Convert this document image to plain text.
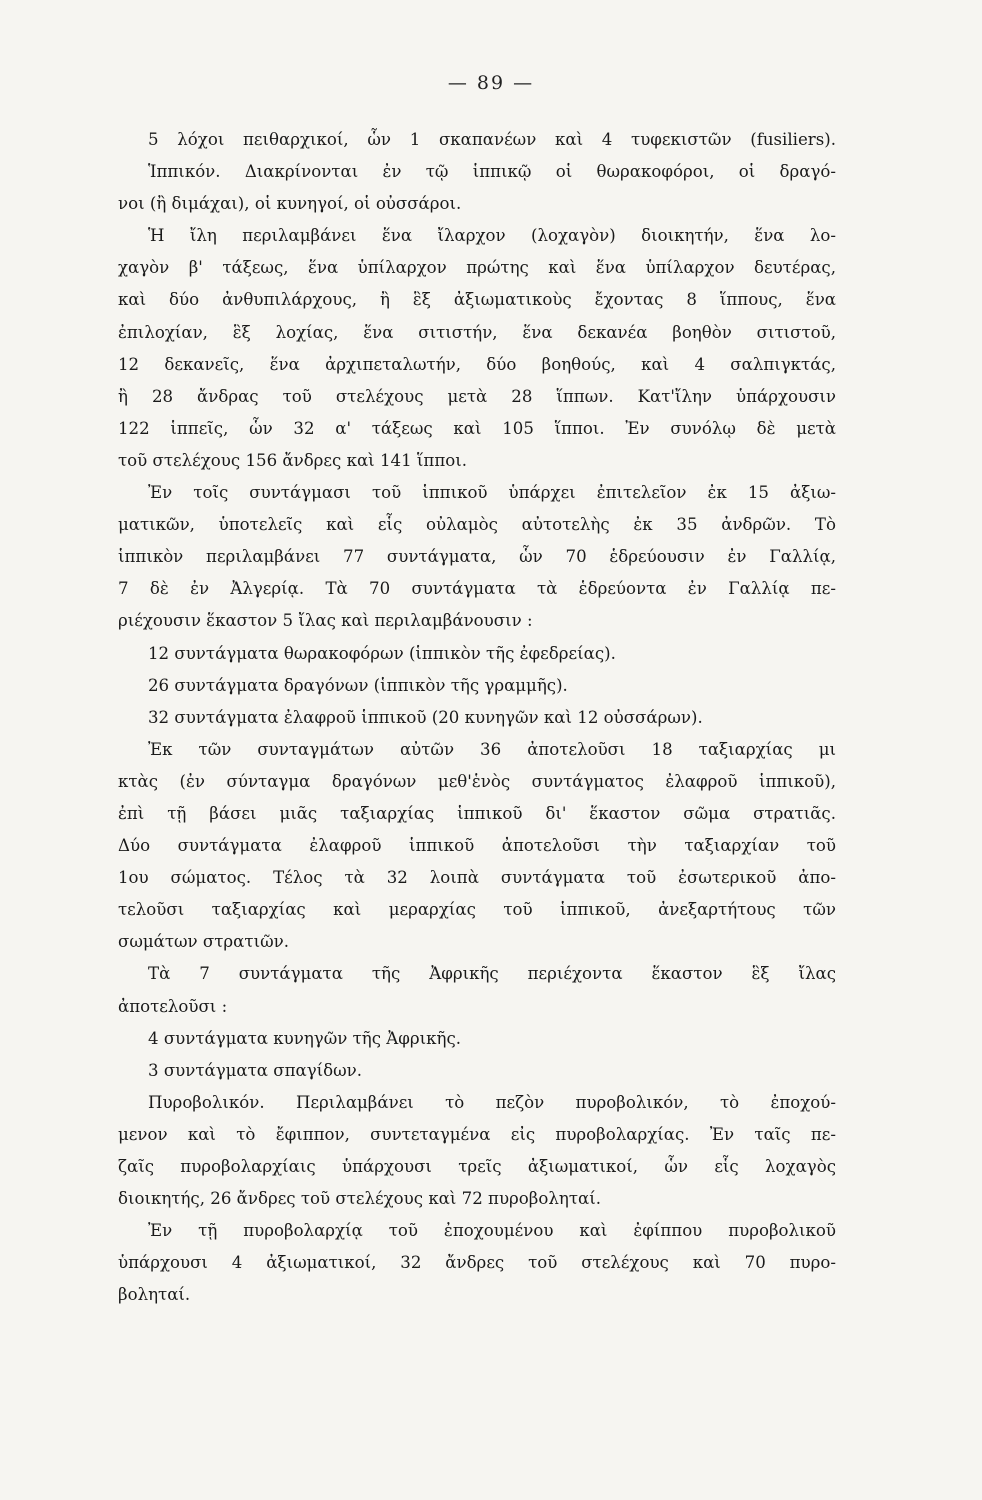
— 89 —
5 λόχοι πειθαρχικοί, ὧν 1 σκαπανέων καὶ 4 τυφεκιστῶν (fusiliers).
Ἱππικόν. Διακρίνονται ἐν τῷ ἱππικῷ οἱ θωρακοφόροι, οἱ δραγό-
νοι (ἢ διμάχαι), οἱ κυνηγοί, οἱ οὐσσάροι.
Ἡ ἴλη περιλαμβάνει ἕνα ἴλαρχον (λοχαγὸν) διοικητήν, ἕνα λο-
χαγὸν β' τάξεως, ἕνα ὑπίλαρχον πρώτης καὶ ἕνα ὑπίλαρχον δευτέρας,
καὶ δύο ἀνθυπιλάρχους, ἢ ἓξ ἀξιωματικοὺς ἔχοντας 8 ἵππους, ἕνα
ἐπιλοχίαν, ἓξ λοχίας, ἕνα σιτιστήν, ἕνα δεκανέα βοηθὸν σιτιστοῦ,
12 δεκανεῖς, ἕνα ἀρχιπεταλωτήν, δύο βοηθούς, καὶ 4 σαλπιγκτάς,
ἢ 28 ἄνδρας τοῦ στελέχους μετὰ 28 ἵππων. Κατ'ἴλην ὑπάρχουσιν
122 ἱππεῖς, ὧν 32 α' τάξεως καὶ 105 ἵπποι. Ἐν συνόλῳ δὲ μετὰ
τοῦ στελέχους 156 ἄνδρες καὶ 141 ἵπποι.
Ἐν τοῖς συντάγμασι τοῦ ἱππικοῦ ὑπάρχει ἐπιτελεῖον ἐκ 15 ἀξιω-
ματικῶν, ὑποτελεῖς καὶ εἷς οὐλαμὸς αὐτοτελὴς ἐκ 35 ἀνδρῶν. Τὸ
ἱππικὸν περιλαμβάνει 77 συντάγματα, ὧν 70 ἑδρεύουσιν ἐν Γαλλίᾳ,
7 δὲ ἐν Ἀλγερίᾳ. Τὰ 70 συντάγματα τὰ ἑδρεύοντα ἐν Γαλλίᾳ πε-
ριέχουσιν ἕκαστον 5 ἴλας καὶ περιλαμβάνουσιν :
12 συντάγματα θωρακοφόρων (ἱππικὸν τῆς ἐφεδρείας).
26 συντάγματα δραγόνων (ἱππικὸν τῆς γραμμῆς).
32 συντάγματα ἐλαφροῦ ἱππικοῦ (20 κυνηγῶν καὶ 12 οὐσσάρων).
Ἐκ τῶν συνταγμάτων αὐτῶν 36 ἀποτελοῦσι 18 ταξιαρχίας μι
κτὰς (ἐν σύνταγμα δραγόνων μεθ'ἑνὸς συντάγματος ἐλαφροῦ ἱππικοῦ),
ἐπὶ τῇ βάσει μιᾶς ταξιαρχίας ἱππικοῦ δι' ἕκαστον σῶμα στρατιᾶς.
Δύο συντάγματα ἐλαφροῦ ἱππικοῦ ἀποτελοῦσι τὴν ταξιαρχίαν τοῦ
1ου σώματος. Τέλος τὰ 32 λοιπὰ συντάγματα τοῦ ἐσωτερικοῦ ἀπο-
τελοῦσι ταξιαρχίας καὶ μεραρχίας τοῦ ἱππικοῦ, ἀνεξαρτήτους τῶν
σωμάτων στρατιῶν.
Τὰ 7 συντάγματα τῆς Ἀφρικῆς περιέχοντα ἕκαστον ἓξ ἴλας
ἀποτελοῦσι :
4 συντάγματα κυνηγῶν τῆς Ἀφρικῆς.
3 συντάγματα σπαγίδων.
Πυροβολικόν. Περιλαμβάνει τὸ πεζὸν πυροβολικόν, τὸ ἐποχού-
μενον καὶ τὸ ἔφιππον, συντεταγμένα εἰς πυροβολαρχίας. Ἐν ταῖς πε-
ζαῖς πυροβολαρχίαις ὑπάρχουσι τρεῖς ἀξιωματικοί, ὧν εἷς λοχαγὸς
διοικητής, 26 ἄνδρες τοῦ στελέχους καὶ 72 πυροβοληταί.
Ἐν τῇ πυροβολαρχίᾳ τοῦ ἐποχουμένου καὶ ἐφίππου πυροβολικοῦ
ὑπάρχουσι 4 ἀξιωματικοί, 32 ἄνδρες τοῦ στελέχους καὶ 70 πυρο-
βοληταί.
